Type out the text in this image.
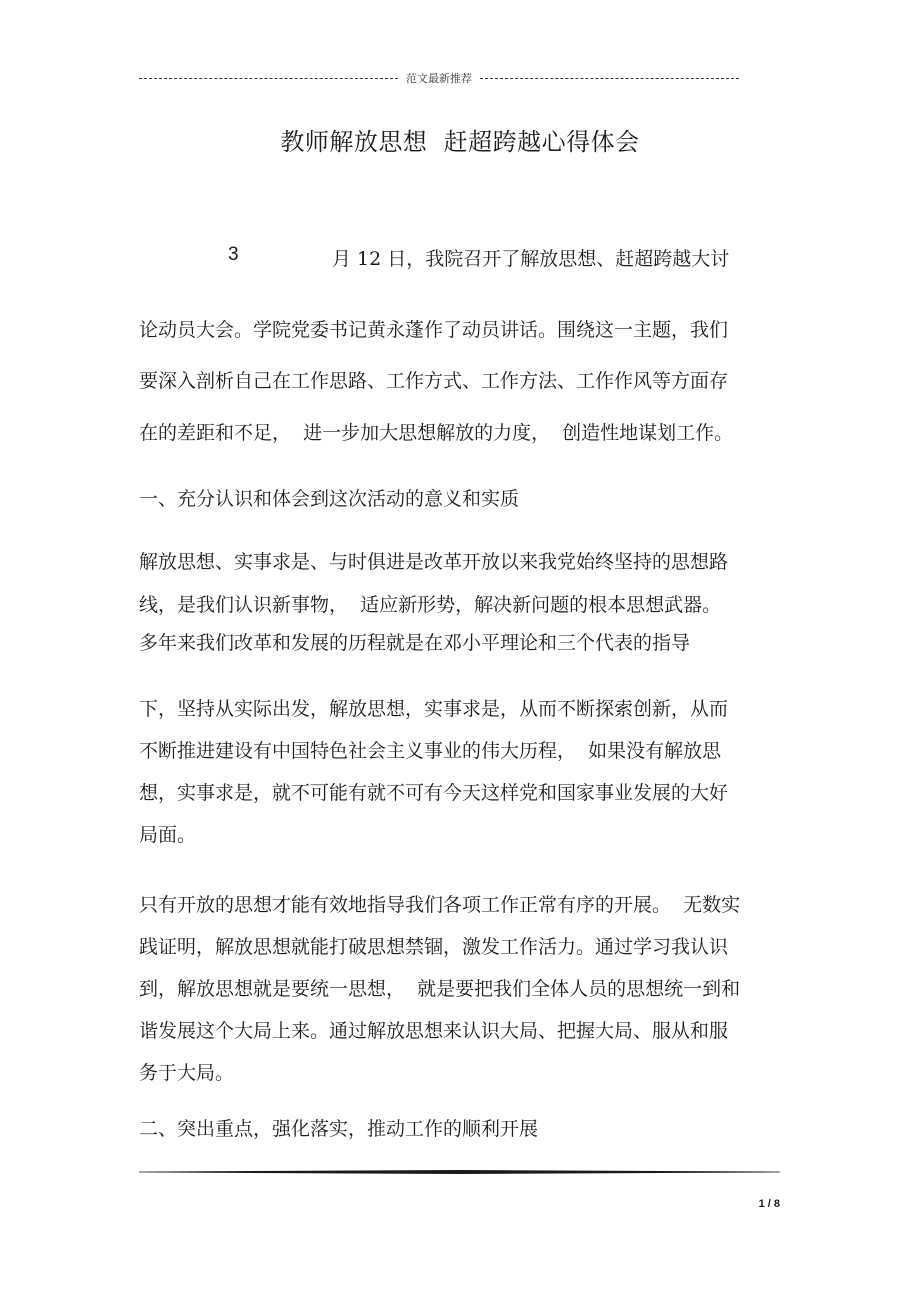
范文最新推荐
教师解放思想  赶超跨越心得体会
3	月 12 日，我院召开了解放思想、赶超跨越大讨
论动员大会。学院党委书记黄永蓬作了动员讲话。围绕这一主题，我们
要深入剖析自己在工作思路、工作方式、工作方法、工作作风等方面存
在的差距和不足，  进一步加大思想解放的力度，  创造性地谋划工作。
一、充分认识和体会到这次活动的意义和实质
解放思想、实事求是、与时俱进是改革开放以来我党始终坚持的思想路
线，是我们认识新事物，  适应新形势，解决新问题的根本思想武器。
多年来我们改革和发展的历程就是在邓小平理论和三个代表的指导
下，坚持从实际出发，解放思想，实事求是，从而不断探索创新，从而
不断推进建设有中国特色社会主义事业的伟大历程，  如果没有解放思
想，实事求是，就不可能有就不可有今天这样党和国家事业发展的大好
局面。
只有开放的思想才能有效地指导我们各项工作正常有序的开展。  无数实
践证明，解放思想就能打破思想禁锢，激发工作活力。通过学习我认识
到，解放思想就是要统一思想，  就是要把我们全体人员的思想统一到和
谐发展这个大局上来。通过解放思想来认识大局、把握大局、服从和服
务于大局。
二、突出重点，强化落实，推动工作的顺利开展
1 / 8
